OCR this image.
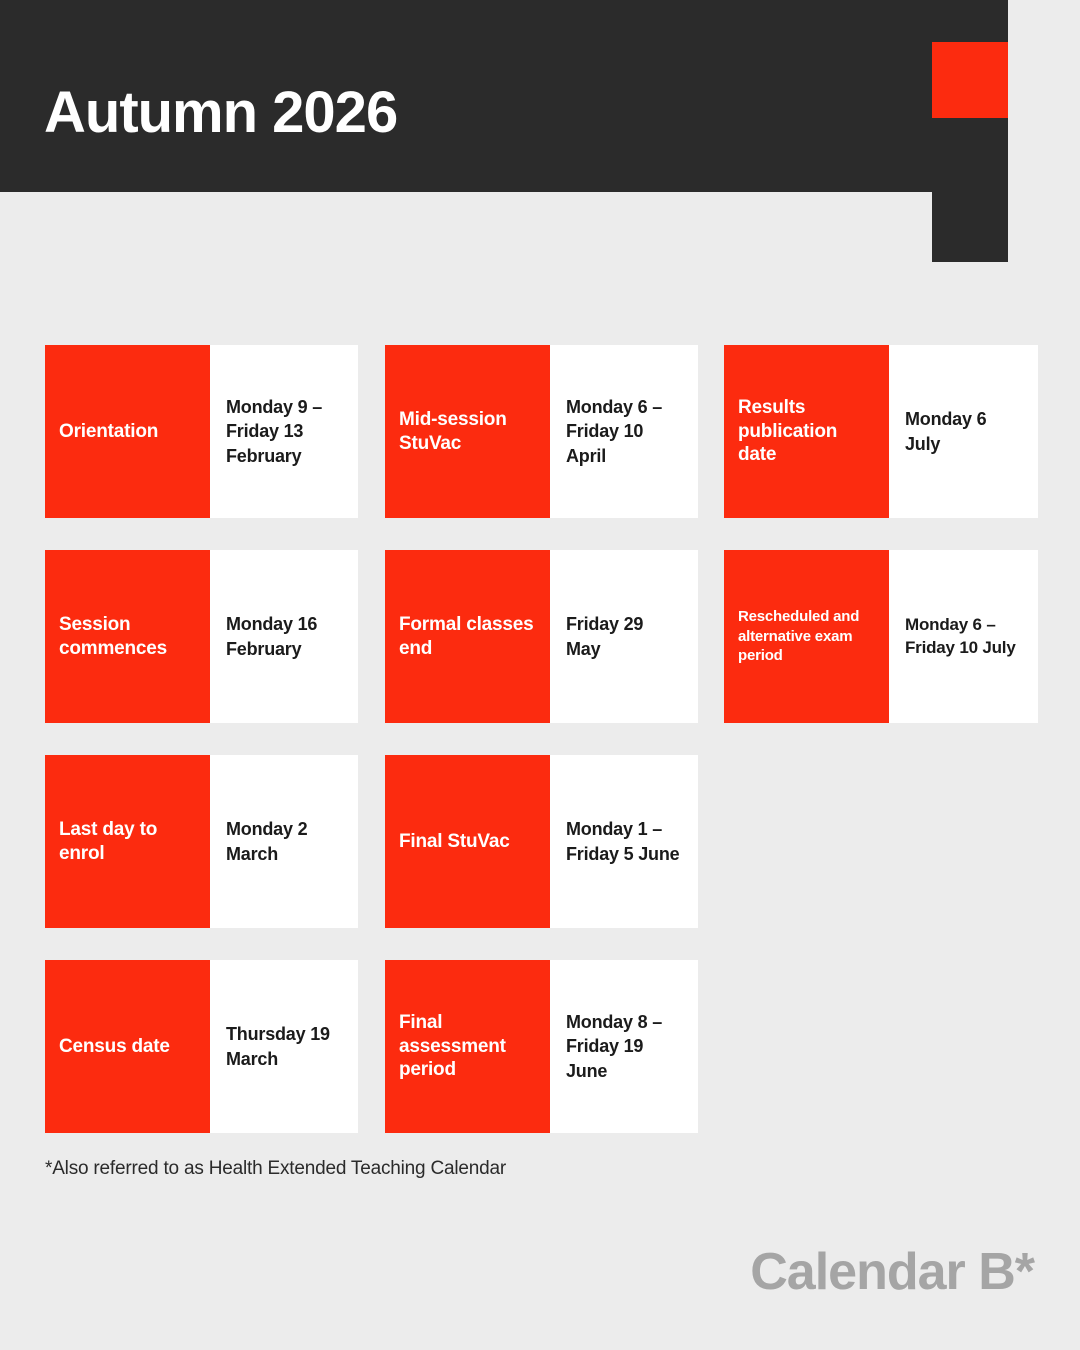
Autumn 2026
Orientation
Monday 9 – Friday 13 February
Session commences
Monday 16 February
Last day to enrol
Monday 2 March
Census date
Thursday 19 March
Mid-session StuVac
Monday 6 – Friday 10 April
Formal classes end
Friday 29 May
Final StuVac
Monday 1 – Friday 5 June
Final assessment period
Monday 8 – Friday 19 June
Results publication date
Monday 6 July
Rescheduled and alternative exam period
Monday 6 – Friday 10 July
*Also referred to as Health Extended Teaching Calendar
Calendar B*
